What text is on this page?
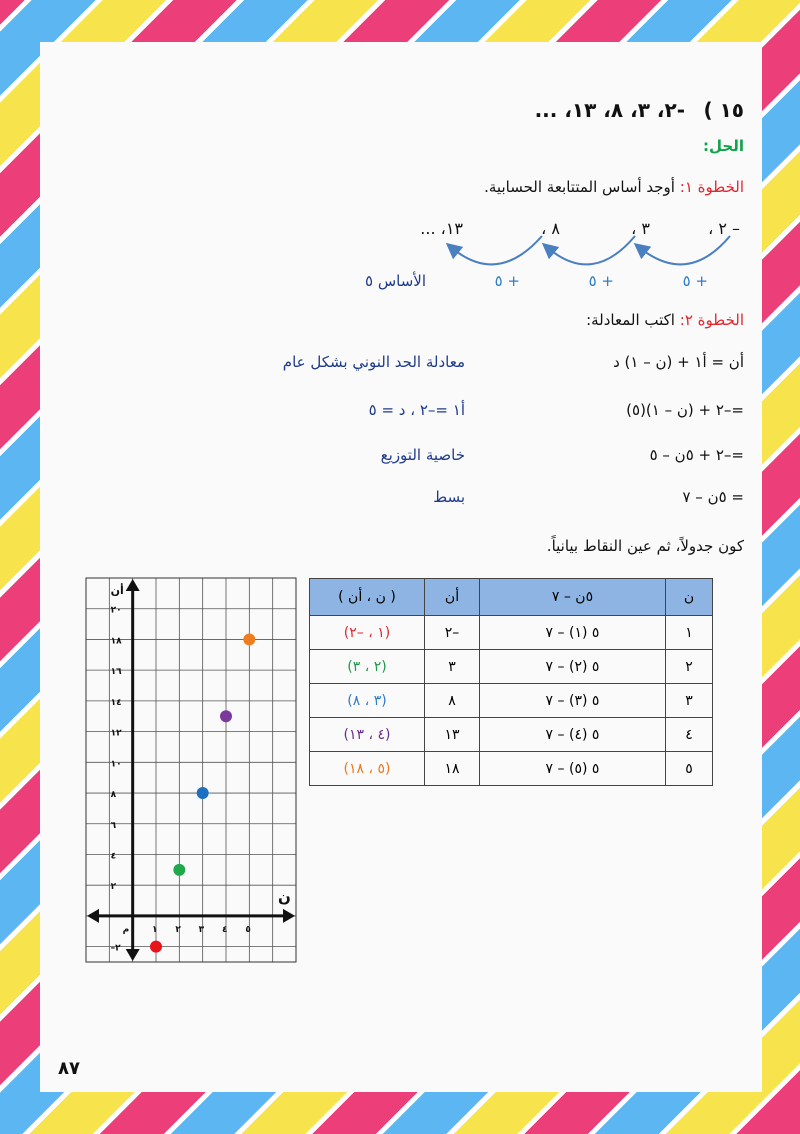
١٥ )
-٢، ٣، ٨، ١٣، ...
الحل:
الخطوة ١: أوجد أساس المتتابعة الحسابية.
– ٢ ،
٣ ،
٨ ،
١٣، ...
+ ٥
+ ٥
+ ٥
الأساس ٥
الخطوة ٢: اكتب المعادلة:
أن = أ١ + (ن – ١) د
معادلة الحد النوني بشكل عام
=–٢ + (ن – ١)(٥)
أ١ =–٢ ، د = ٥
=–٢ + ٥ن – ٥
خاصية التوزيع
= ٥ن – ٧
بسط
كون جدولاً، ثم عين النقاط بيانياً.
ن	٥ن – ٧	أن	( ن ، أن )
١	٥ (١) – ٧	–٢	(١ ، –٢)
٢	٥ (٢) – ٧	٣	(٢ ، ٣)
٣	٥ (٣) – ٧	٨	(٣ ، ٨)
٤	٥ (٤) – ٧	١٣	(٤ ، ١٣)
٥	٥ (٥) – ٧	١٨	(٥ ، ١٨)
ن
أن
م	١ ٢ ٣ ٤ ٥
–٢
٢
٤
٦
٨
١٠
١٢
١٤
١٦
١٨
٢٠
٨٧
